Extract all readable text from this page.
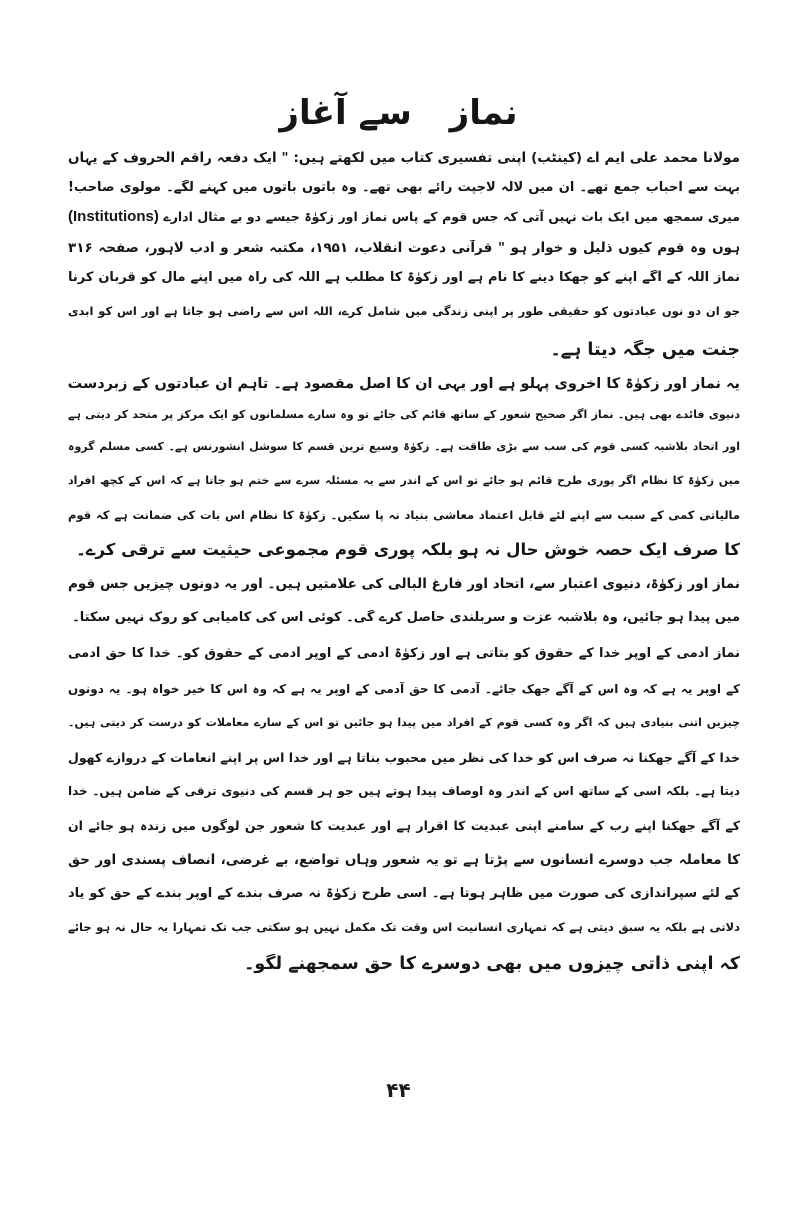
نماز سے آغاز
مولانا محمد علی ایم اے (کینٹب) اپنی تفسیری کتاب میں لکھتے ہیں: " ایک دفعہ راقم الحروف کے یہاں
بہت سے احباب جمع تھے۔ ان میں لالہ لاجپت رائے بھی تھے۔ وہ باتوں باتوں میں کہنے لگے۔ مولوی صاحب!
میری سمجھ میں ایک بات نہیں آتی کہ جس قوم کے پاس نماز اور زکوٰۃ جیسے دو بے مثال ادارے (Institutions)
ہوں وہ قوم کیوں ذلیل و خوار ہو " قرآنی دعوت انقلاب، ۱۹۵۱، مکتبہ شعر و ادب لاہور، صفحہ ۳۱۶
نماز اللہ کے آگے اپنے کو جھکا دینے کا نام ہے اور زکوٰۃ کا مطلب ہے اللہ کی راہ میں اپنے مال کو قربان کرنا
جو ان دو نوں عبادتوں کو حقیقی طور پر اپنی زندگی میں شامل کرے، اللہ اس سے راضی ہو جاتا ہے اور اس کو ابدی
جنت میں جگہ دیتا ہے۔
یہ نماز اور زکوٰۃ کا اخروی پہلو ہے اور یہی ان کا اصل مقصود ہے۔ تاہم ان عبادتوں کے زبردست
دنیوی فائدے بھی ہیں۔ نماز اگر صحیح شعور کے ساتھ قائم کی جائے تو وہ سارے مسلمانوں کو ایک مرکز پر متحد کر دیتی ہے
اور اتحاد بلاشبہ کسی قوم کی سب سے بڑی طاقت ہے۔ زکوٰۃ وسیع ترین قسم کا سوشل انشورنس ہے۔ کسی مسلم گروہ
میں زکوٰۃ کا نظام اگر پوری طرح قائم ہو جائے تو اس کے اندر سے یہ مسئلہ سرے سے ختم ہو جاتا ہے کہ اس کے کچھ افراد
مالیاتی کمی کے سبب سے اپنے لئے قابل اعتماد معاشی بنیاد نہ پا سکیں۔ زکوٰۃ کا نظام اس بات کی ضمانت ہے کہ قوم
کا صرف ایک حصہ خوش حال نہ ہو بلکہ پوری قوم مجموعی حیثیت سے ترقی کرے۔
نماز اور زکوٰۃ، دنیوی اعتبار سے، اتحاد اور فارغ البالی کی علامتیں ہیں۔ اور یہ دونوں چیزیں جس قوم
میں پیدا ہو جائیں، وہ بلاشبہ عزت و سربلندی حاصل کرے گی۔ کوئی اس کی کامیابی کو روک نہیں سکتا۔
نماز آدمی کے اوپر خدا کے حقوق کو بتاتی ہے اور زکوٰۃ آدمی کے اوپر آدمی کے حقوق کو۔ خدا کا حق آدمی
کے اوپر یہ ہے کہ وہ اس کے آگے جھک جائے۔ آدمی کا حق آدمی کے اوپر یہ ہے کہ وہ اس کا خیر خواہ ہو۔ یہ دونوں
چیزیں اتنی بنیادی ہیں کہ اگر وہ کسی قوم کے افراد میں پیدا ہو جائیں تو اس کے سارے معاملات کو درست کر دیتی ہیں۔
خدا کے آگے جھکنا نہ صرف اس کو خدا کی نظر میں محبوب بناتا ہے اور خدا اس پر اپنے انعامات کے دروازے کھول
دیتا ہے۔ بلکہ اسی کے ساتھ اس کے اندر وہ اوصاف پیدا ہوتے ہیں جو ہر قسم کی دنیوی ترقی کے ضامن ہیں۔ خدا
کے آگے جھکنا اپنے رب کے سامنے اپنی عبدیت کا اقرار ہے اور عبدیت کا شعور جن لوگوں میں زندہ ہو جائے ان
کا معاملہ جب دوسرے انسانوں سے پڑتا ہے تو یہ شعور وہاں تواضع، بے غرضی، انصاف پسندی اور حق
کے لئے سپراندازی کی صورت میں ظاہر ہوتا ہے۔ اسی طرح زکوٰۃ نہ صرف بندے کے اوپر بندے کے حق کو یاد
دلاتی ہے بلکہ یہ سبق دیتی ہے کہ تمہاری انسانیت اس وقت تک مکمل نہیں ہو سکتی جب تک تمہارا یہ حال نہ ہو جائے
کہ اپنی ذاتی چیزوں میں بھی دوسرے کا حق سمجھنے لگو۔
۴۴
